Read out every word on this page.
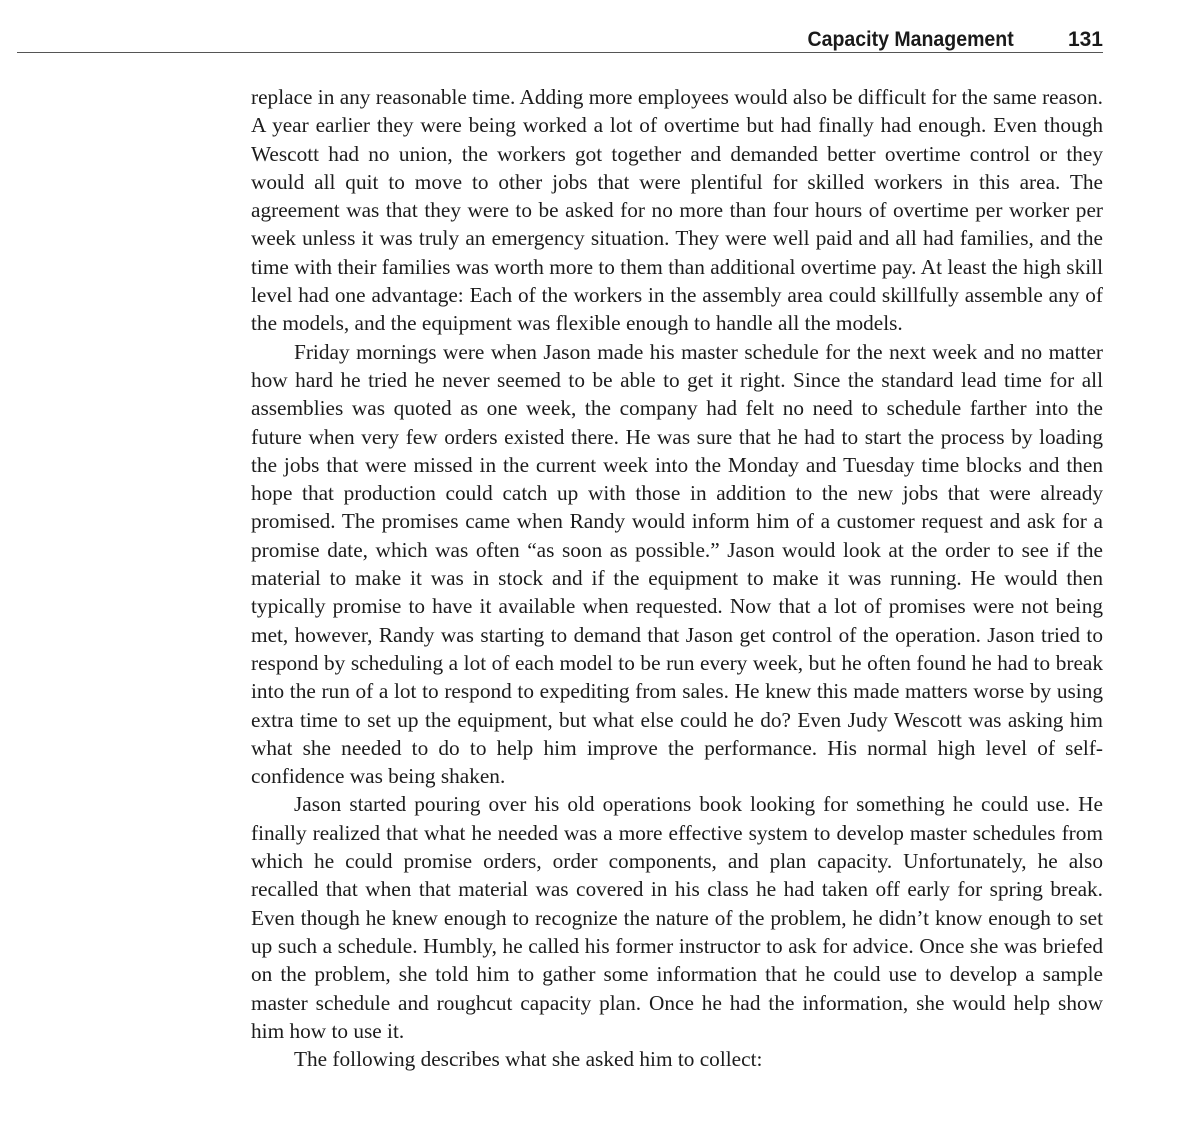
Capacity Management	131

replace in any reasonable time. Adding more employees would also be difficult for the same reason. A year earlier they were being worked a lot of overtime but had finally had enough. Even though Wescott had no union, the workers got together and demanded better overtime control or they would all quit to move to other jobs that were plentiful for skilled workers in this area. The agreement was that they were to be asked for no more than four hours of overtime per worker per week unless it was truly an emergency situation. They were well paid and all had families, and the time with their families was worth more to them than additional overtime pay. At least the high skill level had one advantage: Each of the workers in the assembly area could skillfully assemble any of the models, and the equipment was flexible enough to handle all the models.

Friday mornings were when Jason made his master schedule for the next week and no matter how hard he tried he never seemed to be able to get it right. Since the standard lead time for all assemblies was quoted as one week, the company had felt no need to schedule farther into the future when very few orders existed there. He was sure that he had to start the process by loading the jobs that were missed in the current week into the Monday and Tuesday time blocks and then hope that production could catch up with those in addition to the new jobs that were already promised. The promises came when Randy would inform him of a customer request and ask for a promise date, which was often “as soon as possible.” Jason would look at the order to see if the material to make it was in stock and if the equipment to make it was running. He would then typically promise to have it available when requested. Now that a lot of promises were not being met, however, Randy was starting to demand that Jason get control of the operation. Jason tried to respond by scheduling a lot of each model to be run every week, but he often found he had to break into the run of a lot to respond to expediting from sales. He knew this made matters worse by using extra time to set up the equipment, but what else could he do? Even Judy Wescott was asking him what she needed to do to help him improve the performance. His normal high level of self-confidence was being shaken.

Jason started pouring over his old operations book looking for something he could use. He finally realized that what he needed was a more effective system to develop master schedules from which he could promise orders, order components, and plan capacity. Unfortunately, he also recalled that when that material was covered in his class he had taken off early for spring break. Even though he knew enough to recognize the nature of the problem, he didn’t know enough to set up such a schedule. Humbly, he called his former instructor to ask for advice. Once she was briefed on the problem, she told him to gather some information that he could use to develop a sample master schedule and roughcut capacity plan. Once he had the information, she would help show him how to use it.

The following describes what she asked him to collect:
